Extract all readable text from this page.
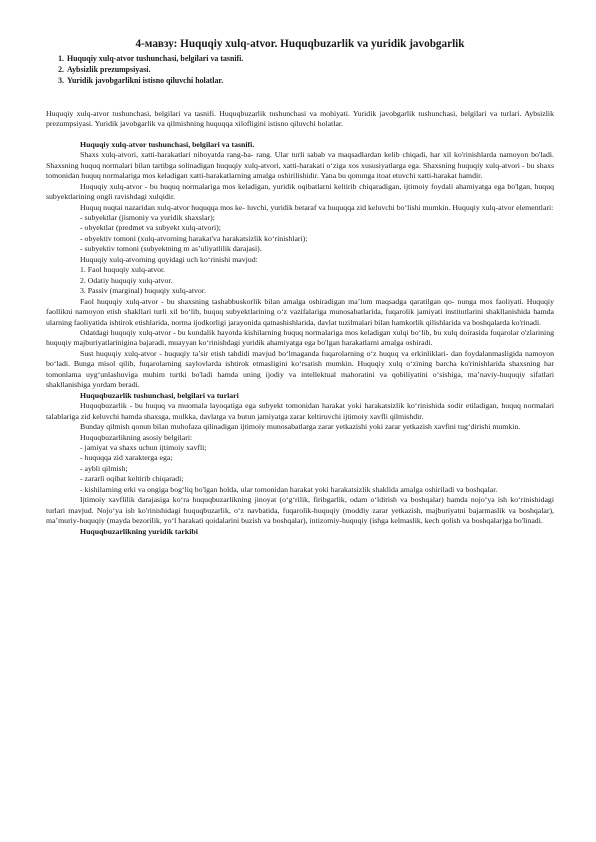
4-мавзу: Huquqiy xulq-atvor. Huquqbuzarlik va yuridik javobgarlik
1. Huquqiy xulq-atvor tushunchasi, belgilari va tasnifi.
2. Aybsizlik prezumpsiyasi.
3. Yuridik javobgarlikni istisno qiluvchi holatlar.
Huquqiy xulq-atvor tushunchasi, belgilari va tasnifi. Huquqbuzarlik tushunchasi va mohiyati. Yuridik javobgarlik tushunchasi, belgilari va turlari. Aybsizlik prezumpsiyasi. Yuridik javobgarlik va qilmishning huquqqa xilofligini istisno qiluvchi holatlar.

Huquqiy xulq-atvor tushunchasi, belgilari va tasnifi.

Shaxs xulq-atvori, xatti-harakatlari nihoyatda rang-ba- rang. Ular turli sabab va maqsadlardan kelib chiqadi, har xil ko'rinishlarda namoyon bo'ladi. Shaxsning huquq normalari bilan tartibga solinadigan huquqiy xulq-atvori, xatti-harakati o‘ziga xos xususiyatlarga ega. Shaxsning huquqiy xulq-atvori - bu shaxs tomonidan huquq normalariga mos keladigan xatti-harakatlarning amalga oshirilishidir. Yana bu qonunga itoat etuvchi xatti-harakat hamdir.

Huquqiy xulq-atvor - bu huquq normalariga mos keladigan, yuridik oqibatlarni keltirib chiqaradigan, ijtimoiy foydali ahamiyatga ega bo'lgan, huquq subyektlarining ongli ravishdagi xulqidir.

Huquq nuqtai nazaridan xulq-atvor huquqqa mos ke- luvchi, yuridik betaraf va huquqqa zid keluvchi bo‘lishi mumkin. Huquqiy xulq-atvor elementlari:

- subyektlar (jismoniy va yuridik shaxslar);

- obyektlar (predmet va subyekt xulq-atvori);

- obyektiv tomoni (xulq-atvorning harakat'va harakatsizlik ko‘rinishlari);

- subyektiv tomoni (subyektning m as’uliyatlilik darajasi).

Huquqiy xulq-atvorning quyidagi uch ko‘rinishi mavjud:

1. Faol huquqiy xulq-atvor.

2. Odatiy huquqiy xulq-atvor.

3. Passiv (marginal) huquqiy xulq-atvor.

Faol huquqiy xulq-atvor - bu shaxsning tashabbuskorlik bilan amalga oshiradigan ma’lum maqsadga qaratilgan qo- nunga mos faoliyati. Huquqiy faollikni namoyon etish shakllari turli xil bo‘lib, huquq subyektlarining o‘z vazifalariga munosabatlarida, fuqarolik jamiyati institutlarini shakllanishida hamda ularning faoliyatida ishtirok etishlarida, norma ijodkorligi jarayonida qatnashishlarida, davlat tuzilmalari bilan hamkorlik qilishlarida va boshqalarda ko'rinadi.

Odatdagi huquqiy xulq-atvor - bu kundalik hayotda kishilarning huquq normalariga mos keladigan xulqi bo‘lib, bu xulq doirasida fuqarolar o'zlarining huquqiy majburiyatlarinigina bajaradi, muayyan ko‘rinishdagi yuridik ahamiyatga ega bo'lgan harakatlarni amalga oshiradi.

Sust huquqiy xulq-atvor - huquqiy ta’sir etish tahdidi mavjud bo‘lmaganda fuqarolarning o‘z huquq va erkinliklari- dan foydalanmasligida namoyon bo‘ladi. Bunga misol qilib, fuqarolarning saylovlarda ishtirok etmasligini ko‘rsatish mumkin. Huquqiy xulq o‘zining barcha ko'rinishlarida shaxsning har tomonlama uyg‘unlashuviga muhim turtki bo'ladi hamda uning ijodiy va intellektual mahoratini va qobiliyatini o‘sishiga, ma’naviy-huquqiy sifatlari shakllanishiga yordam beradi.

Huquqbuzarlik tushunchasi, belgilari va turlari

Huquqbuzarlik - bu huquq va muomala layoqatiga ega subyekt tomonidan harakat yoki harakatsizlik ko‘rinishida sodir etiladigan, huquq normalari talablariga zid keluvchi hamda shaxsga, mulkka, davlatga va butun jamiyatga zarar keltiruvchi ijtimoiy xavfli qilmishdir.

Bunday qilmish qonun bilan muhofaza qilinadigan ijtimoiy munosabatlarga zarar yetkazishi yoki zarar yetkazish xavfini tug‘dirishi mumkin.

Huquqbuzarlikning asosiy belgilari:

- jamiyat va shaxs uchun ijtimoiy xavfli;

- huquqqa zid xarakterga ega;

- aybli qilmish;

- zararli oqibat keltirib chiqaradi;

- kishilarning erki va ongiga bog‘liq bo'lgan holda, ular tomonidan harakat yoki harakatsizlik shaklida amalga oshiriladi va boshqalar.

Ijtimoiy xavflilik darajasiga ko‘ra huquqbuzarlikning jinoyat (o‘g‘rilik, firibgarlik, odam o‘ldirish va boshqalar) hamda nojo‘ya ish ko‘rinishidagi turlari mavjud. Nojo‘ya ish ko'rinishidagi huquqbuzarlik, o‘z navbatida, fuqarolik-huquqiy (moddiy zarar yetkazish, majburiyatni bajarmaslik va boshqalar), ma’muriy-huquqiy (mayda bezorilik, yo‘l harakati qoidalarini buzish va boshqalar), intizomiy-huquqiy (ishga kelmaslik, kech qolish va boshqalar)ga bo'linadi.

Huquqbuzarlikning yuridik tarkibi
